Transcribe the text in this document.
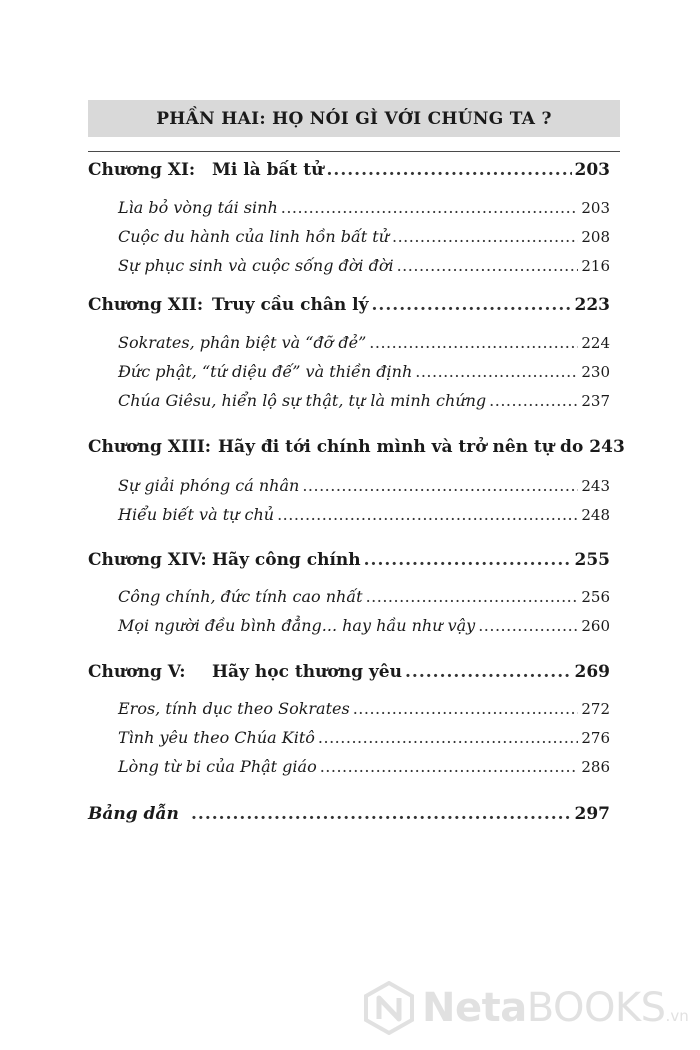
PHẦN HAI: HỌ NÓI GÌ VỚI CHÚNG TA ?
Chương XI: Mi là bất tử .....	203
Lìa bỏ vòng tái sinh .....	203
Cuộc du hành của linh hồn bất tử .....	208
Sự phục sinh và cuộc sống đời đời .....	216
Chương XII: Truy cầu chân lý .....	223
Sokrates, phân biệt và “đỡ đẻ” .....	224
Đức phật, “tứ diệu đế” và thiền định .....	230
Chúa Giêsu, hiển lộ sự thật, tự là minh chứng .....	237
Chương XIII: Hãy đi tới chính mình và trở nên tự do 243
Sự giải phóng cá nhân .....	243
Hiểu biết và tự chủ .....	248
Chương XIV: Hãy công chính .....	255
Công chính, đức tính cao nhất .....	256
Mọi người đều bình đẳng... hay hầu như vậy .....	260
Chương V:	Hãy học thương yêu .....	269
Eros, tính dục theo Sokrates .....	272
Tình yêu theo Chúa Kitô .....	276
Lòng từ bi của Phật giáo .....	286
Bảng dẫn .....	297
NetaBOOKS.vn
